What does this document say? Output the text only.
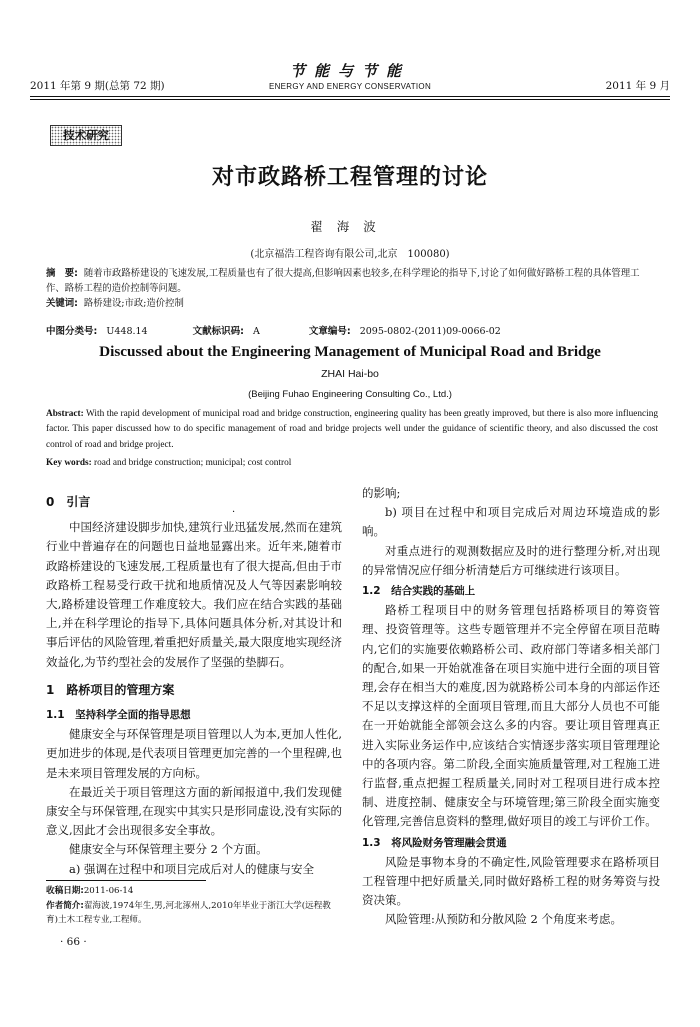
2011 年第 9 期(总第 72 期)
节能与节能
ENERGY AND ENERGY CONSERVATION	2011 年 9 月
技术研究
对市政路桥工程管理的讨论
翟海波
(北京福浩工程咨询有限公司,北京　100080)
摘　要: 随着市政路桥建设的飞速发展,工程质量也有了很大提高,但影响因素也较多,在科学理论的指导下,讨论了如何做好路桥工程的具体管理工作、路桥工程的造价控制等问题。
关键词: 路桥建设;市政;造价控制
中图分类号: U448.14	文献标识码: A	文章编号: 2095-0802-(2011)09-0066-02
Discussed about the Engineering Management of Municipal Road and Bridge
ZHAI Hai-bo
(Beijing Fuhao Engineering Consulting Co., Ltd.)
Abstract: With the rapid development of municipal road and bridge construction, engineering quality has been greatly improved, but there is also more influencing factor. This paper discussed how to do specific management of road and bridge projects well under the guidance of scientific theory, and also discussed the cost control of road and bridge project.
Key words: road and bridge construction; municipal; cost control
·
0　引言

中国经济建设脚步加快,建筑行业迅猛发展,然而在建筑行业中普遍存在的问题也日益地显露出来。近年来,随着市政路桥建设的飞速发展,工程质量也有了很大提高,但由于市政路桥工程易受行政干扰和地质情况及人气等因素影响较大,路桥建设管理工作难度较大。我们应在结合实践的基础上,并在科学理论的指导下,具体问题具体分析,对其设计和事后评估的风险管理,着重把好质量关,最大限度地实现经济效益化,为节约型社会的发展作了坚强的垫脚石。

1　路桥项目的管理方案
1.1　坚持科学全面的指导思想

健康安全与环保管理是项目管理以人为本,更加人性化,更加进步的体现,是代表项目管理更加完善的一个里程碑,也是未来项目管理发展的方向标。

在最近关于项目管理这方面的新闻报道中,我们发现健康安全与环保管理,在现实中其实只是形同虚设,没有实际的意义,因此才会出现很多安全事故。

健康安全与环保管理主要分 2 个方面。

a) 强调在过程中和项目完成后对人的健康与安全

的影响;

b) 项目在过程中和项目完成后对周边环境造成的影响。

对重点进行的观测数据应及时的进行整理分析,对出现的异常情况应仔细分析清楚后方可继续进行该项目。

1.2　结合实践的基础上

路桥工程项目中的财务管理包括路桥项目的筹资管理、投资管理等。这些专题管理并不完全停留在项目范畴内,它们的实施要依赖路桥公司、政府部门等诸多相关部门的配合,如果一开始就准备在项目实施中进行全面的项目管理,会存在相当大的难度,因为就路桥公司本身的内部运作还不足以支撑这样的全面项目管理,而且大部分人员也不可能在一开始就能全部领会这么多的内容。要让项目管理真正进入实际业务运作中,应该结合实情逐步落实项目管理理论中的各项内容。第二阶段,全面实施质量管理,对工程施工进行监督,重点把握工程质量关,同时对工程项目进行成本控制、进度控制、健康安全与环境管理;第三阶段全面实施变化管理,完善信息资料的整理,做好项目的竣工与评价工作。

1.3　将风险财务管理融会贯通

风险是事物本身的不确定性,风险管理要求在路桥项目工程管理中把好质量关,同时做好路桥工程的财务筹资与投资决策。

风险管理:从预防和分散风险 2 个角度来考虑。

收稿日期:2011-06-14
作者简介:翟海波,1974年生,男,河北涿州人,2010年毕业于浙江大学(远程教育)土木工程专业,工程师。
· 66 ·
